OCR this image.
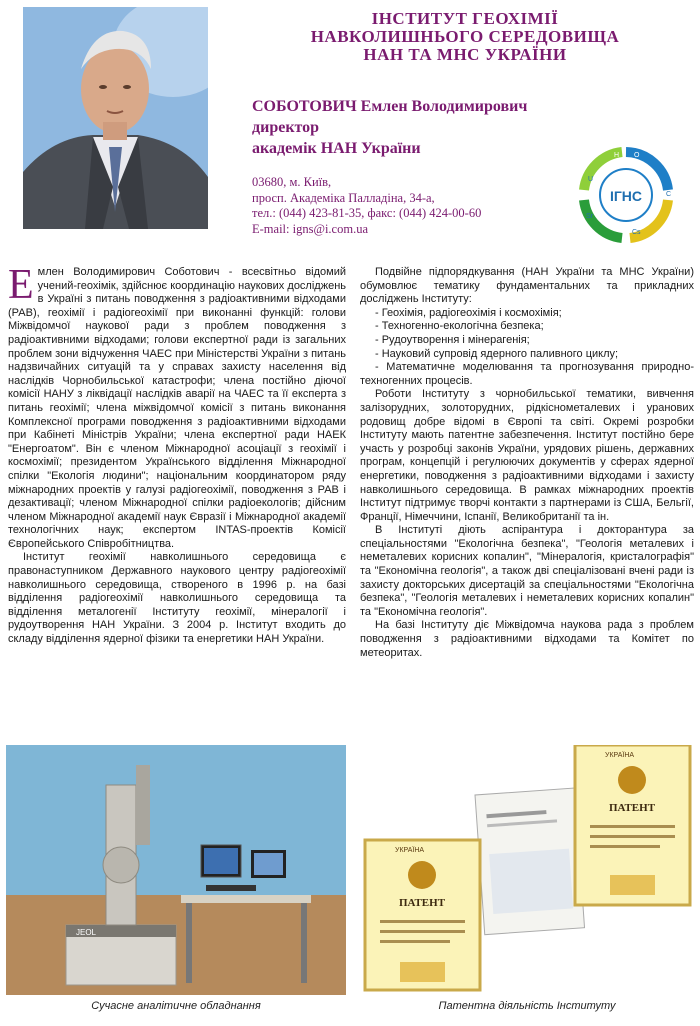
ІНСТИТУТ ГЕОХІМІЇ
НАВКОЛИШНЬОГО СЕРЕДОВИЩА
НАН ТА МНС УКРАЇНИ
СОБОТОВИЧ Емлен Володимирович
директор
академік НАН України
03680, м. Київ,
просп. Академіка Палладіна, 34-а,
тел.: (044) 423-81-35, факс: (044) 424-00-60
E-mail: igns@i.com.ua
ІГНС
H O
U
Sr
Cs
C

Емлен Володимирович Соботович - всесвітньо відомий учений-геохімік, здійснює координацію наукових досліджень в Україні з питань поводження з радіоактивними відходами (РАВ), геохімії і радіогеохімії при виконанні функцій: голови Міжвідомчої наукової ради з проблем поводження з радіоактивними відходами; голови експертної ради із загальних проблем зони відчуження ЧАЕС при Міністерстві України з питань надзвичайних ситуацій та у справах захисту населення від наслідків Чорнобильської катастрофи; члена постійно діючої комісії НАНУ з ліквідації наслідків аварії на ЧАЕС та її експерта з питань геохімії; члена міжвідомчої комісії з питань виконання Комплексної програми поводження з радіоактивними відходами при Кабінеті Міністрів України; члена експертної ради НАЕК "Енергоатом". Він є членом Міжнародної асоціації з геохімії і космохімії; президентом Українського відділення Міжнародної спілки "Екологія людини"; національним координатором ряду міжнародних проектів у галузі радіогеохімії, поводження з РАВ і дезактивації; членом Міжнародної спілки радіоекологів; дійсним членом Міжнародної академії наук Євразії і Міжнародної академії технологічних наук; експертом INTAS-проектів Комісії Європейського Співробітництва.

Інститут геохімії навколишнього середовища є правонаступником Державного наукового центру радіогеохімії навколишнього середовища, створеного в 1996 р. на базі відділення радіогеохімії навколишнього середовища та відділення металогенії Інституту геохімії, мінералогії і рудоутворення НАН України. З 2004 р. Інститут входить до складу відділення ядерної фізики та енергетики НАН України.

Подвійне підпорядкування (НАН України та МНС України) обумовлює тематику фундаментальних та прикладних досліджень Інституту:

- Геохімія, радіогеохімія і космохімія;

- Техногенно-екологічна безпека;

- Рудоутворення і мінерагенія;

- Науковий супровід ядерного паливного циклу;

- Математичне моделювання та прогнозування природно-техногенних процесів.

Роботи Інституту з чорнобильської тематики, вивчення залізорудних, золоторудних, рідкіснометалевих і уранових родовищ добре відомі в Європі та світі. Окремі розробки Інституту мають патентне забезпечення. Інститут постійно бере участь у розробці законів України, урядових рішень, державних програм, концепцій і регулюючих документів у сферах ядерної енергетики, поводження з радіоактивними відходами і захисту навколишнього середовища. В рамках міжнародних проектів Інститут підтримує творчі контакти з партнерами із США, Бельгії, Франції, Німеччини, Іспанії, Великобританії та ін.

В Інституті діють аспірантура і докторантура за спеціальностями "Екологічна безпека", "Геологія металевих і неметалевих корисних копалин", "Мінералогія, кристалографія" та "Економічна геологія", а також дві спеціалізовані вчені ради із захисту докторських дисертацій за спеціальностями "Екологічна безпека", "Геологія металевих і неметалевих корисних копалин" та "Економічна геологія".

На базі Інституту діє Міжвідомча наукова рада з проблем поводження з радіоактивними відходами та Комітет по метеоритах.

JEOL
Сучасне аналітичне обладнання
УКРАЇНА
ПАТЕНТ
УКРАЇНА
ПАТЕНТ
Патентна діяльність Інституту
